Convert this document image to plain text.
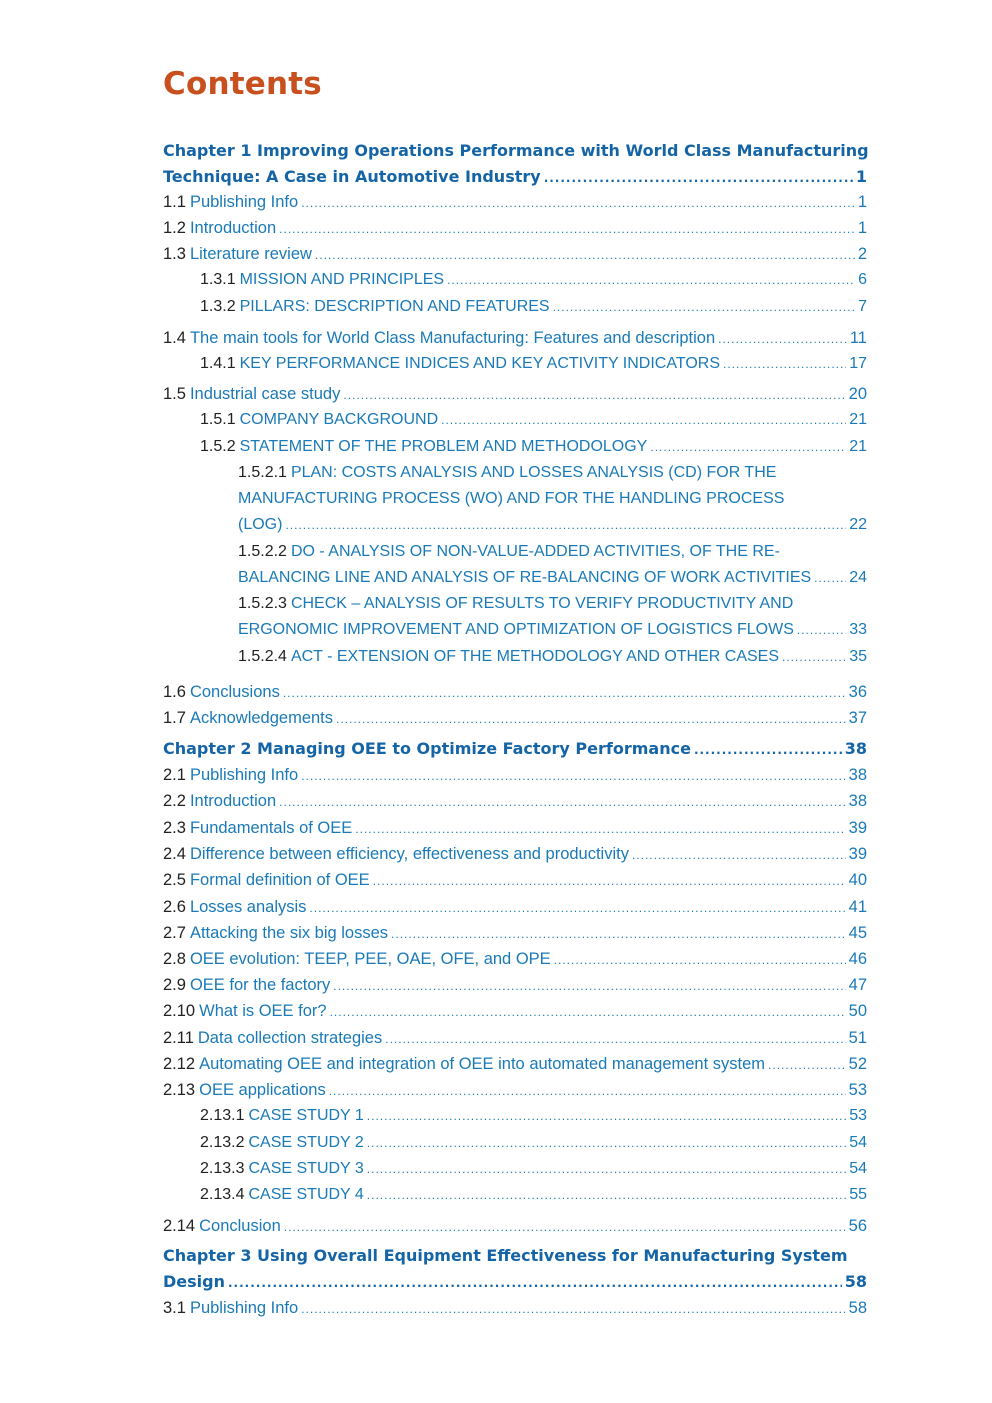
Contents
Chapter 1 Improving Operations Performance with World Class Manufacturing
Technique: A Case in Automotive Industry .....	1
1.1 Publishing Info .....	1
1.2 Introduction .....	1
1.3 Literature review .....	2
1.3.1 MISSION AND PRINCIPLES .....	6
1.3.2 PILLARS: DESCRIPTION AND FEATURES .....	7
1.4 The main tools for World Class Manufacturing: Features and description .....	11
1.4.1 KEY PERFORMANCE INDICES AND KEY ACTIVITY INDICATORS .....	17
1.5 Industrial case study .....	20
1.5.1 COMPANY BACKGROUND .....	21
1.5.2 STATEMENT OF THE PROBLEM AND METHODOLOGY .....	21
1.5.2.1 PLAN: COSTS ANALYSIS AND LOSSES ANALYSIS (CD) FOR THE
MANUFACTURING PROCESS (WO) AND FOR THE HANDLING PROCESS
(LOG) .....	22
1.5.2.2 DO - ANALYSIS OF NON-VALUE-ADDED ACTIVITIES, OF THE RE-
BALANCING LINE AND ANALYSIS OF RE-BALANCING OF WORK ACTIVITIES ..... 24
1.5.2.3 CHECK – ANALYSIS OF RESULTS TO VERIFY PRODUCTIVITY AND
ERGONOMIC IMPROVEMENT AND OPTIMIZATION OF LOGISTICS FLOWS .....	33
1.5.2.4 ACT - EXTENSION OF THE METHODOLOGY AND OTHER CASES .....	35
1.6 Conclusions .....	36
1.7 Acknowledgements .....	37
Chapter 2 Managing OEE to Optimize Factory Performance .....	38
2.1 Publishing Info .....	38
2.2 Introduction .....	38
2.3 Fundamentals of OEE .....	39
2.4 Difference between efficiency, effectiveness and productivity .....	39
2.5 Formal definition of OEE .....	40
2.6 Losses analysis .....	41
2.7 Attacking the six big losses .....	45
2.8 OEE evolution: TEEP, PEE, OAE, OFE, and OPE .....	46
2.9 OEE for the factory .....	47
2.10 What is OEE for? .....	50
2.11 Data collection strategies .....	51
2.12 Automating OEE and integration of OEE into automated management system .....	52
2.13 OEE applications .....	53
2.13.1 CASE STUDY 1 .....	53
2.13.2 CASE STUDY 2 .....	54
2.13.3 CASE STUDY 3 .....	54
2.13.4 CASE STUDY 4 .....	55
2.14 Conclusion .....	56
Chapter 3 Using Overall Equipment Effectiveness for Manufacturing System
Design .....	58
3.1 Publishing Info .....	58
